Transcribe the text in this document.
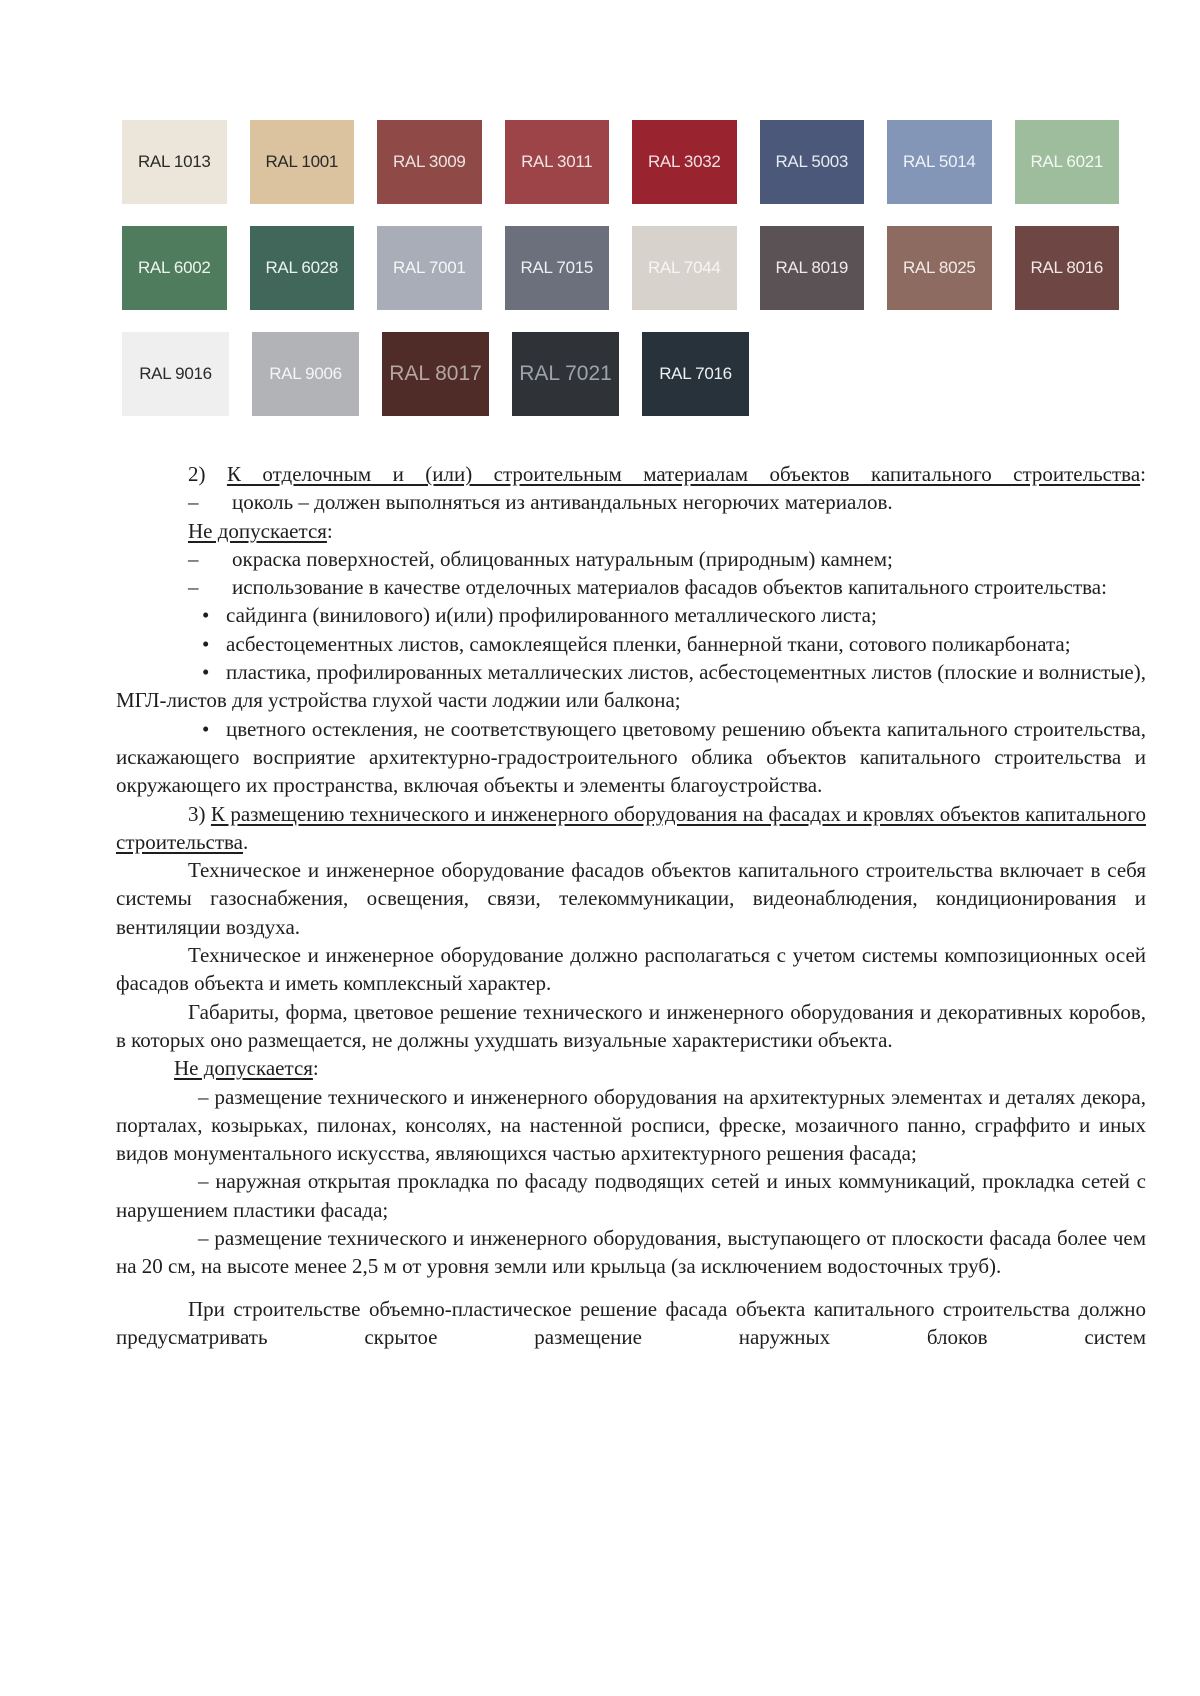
RAL 1013	RAL 1001	RAL 3009	RAL 3011	RAL 3032	RAL 5003	RAL 5014	RAL 6021
RAL 6002	RAL 6028	RAL 7001	RAL 7015	RAL 7044	RAL 8019	RAL 8025	RAL 8016
RAL 9016	RAL 9006	RAL 8017	RAL 7021	RAL 7016

2) К отделочным и (или) строительным материалам объектов капитального строительства:

– цоколь – должен выполняться из антивандальных негорючих материалов.

Не допускается:

– окраска поверхностей, облицованных натуральным (природным) камнем;

– использование в качестве отделочных материалов фасадов объектов капитального строительства:

• сайдинга (винилового) и(или) профилированного металлического листа;

• асбестоцементных листов, самоклеящейся пленки, баннерной ткани, сотового поликарбоната;

• пластика, профилированных металлических листов, асбестоцементных листов (плоские и волнистые), МГЛ-листов для устройства глухой части лоджии или балкона;

• цветного остекления, не соответствующего цветовому решению объекта капитального строительства, искажающего восприятие архитектурно-градостроительного облика объектов капитального строительства и окружающего их пространства, включая объекты и элементы благоустройства.

3) К размещению технического и инженерного оборудования на фасадах и кровлях объектов капитального строительства.

Техническое и инженерное оборудование фасадов объектов капитального строительства включает в себя системы газоснабжения, освещения, связи, телекоммуникации, видеонаблюдения, кондиционирования и вентиляции воздуха.

Техническое и инженерное оборудование должно располагаться с учетом системы композиционных осей фасадов объекта и иметь комплексный характер.

Габариты, форма, цветовое решение технического и инженерного оборудования и декоративных коробов, в которых оно размещается, не должны ухудшать визуальные характеристики объекта.

Не допускается:

– размещение технического и инженерного оборудования на архитектурных элементах и деталях декора, порталах, козырьках, пилонах, консолях, на настенной росписи, фреске, мозаичного панно, сграффито и иных видов монументального искусства, являющихся частью архитектурного решения фасада;

– наружная открытая прокладка по фасаду подводящих сетей и иных коммуникаций, прокладка сетей с нарушением пластики фасада;

– размещение технического и инженерного оборудования, выступающего от плоскости фасада более чем на 20 см, на высоте менее 2,5 м от уровня земли или крыльца (за исключением водосточных труб).

При строительстве объемно-пластическое решение фасада объекта капитального строительства должно предусматривать скрытое размещение наружных блоков систем
